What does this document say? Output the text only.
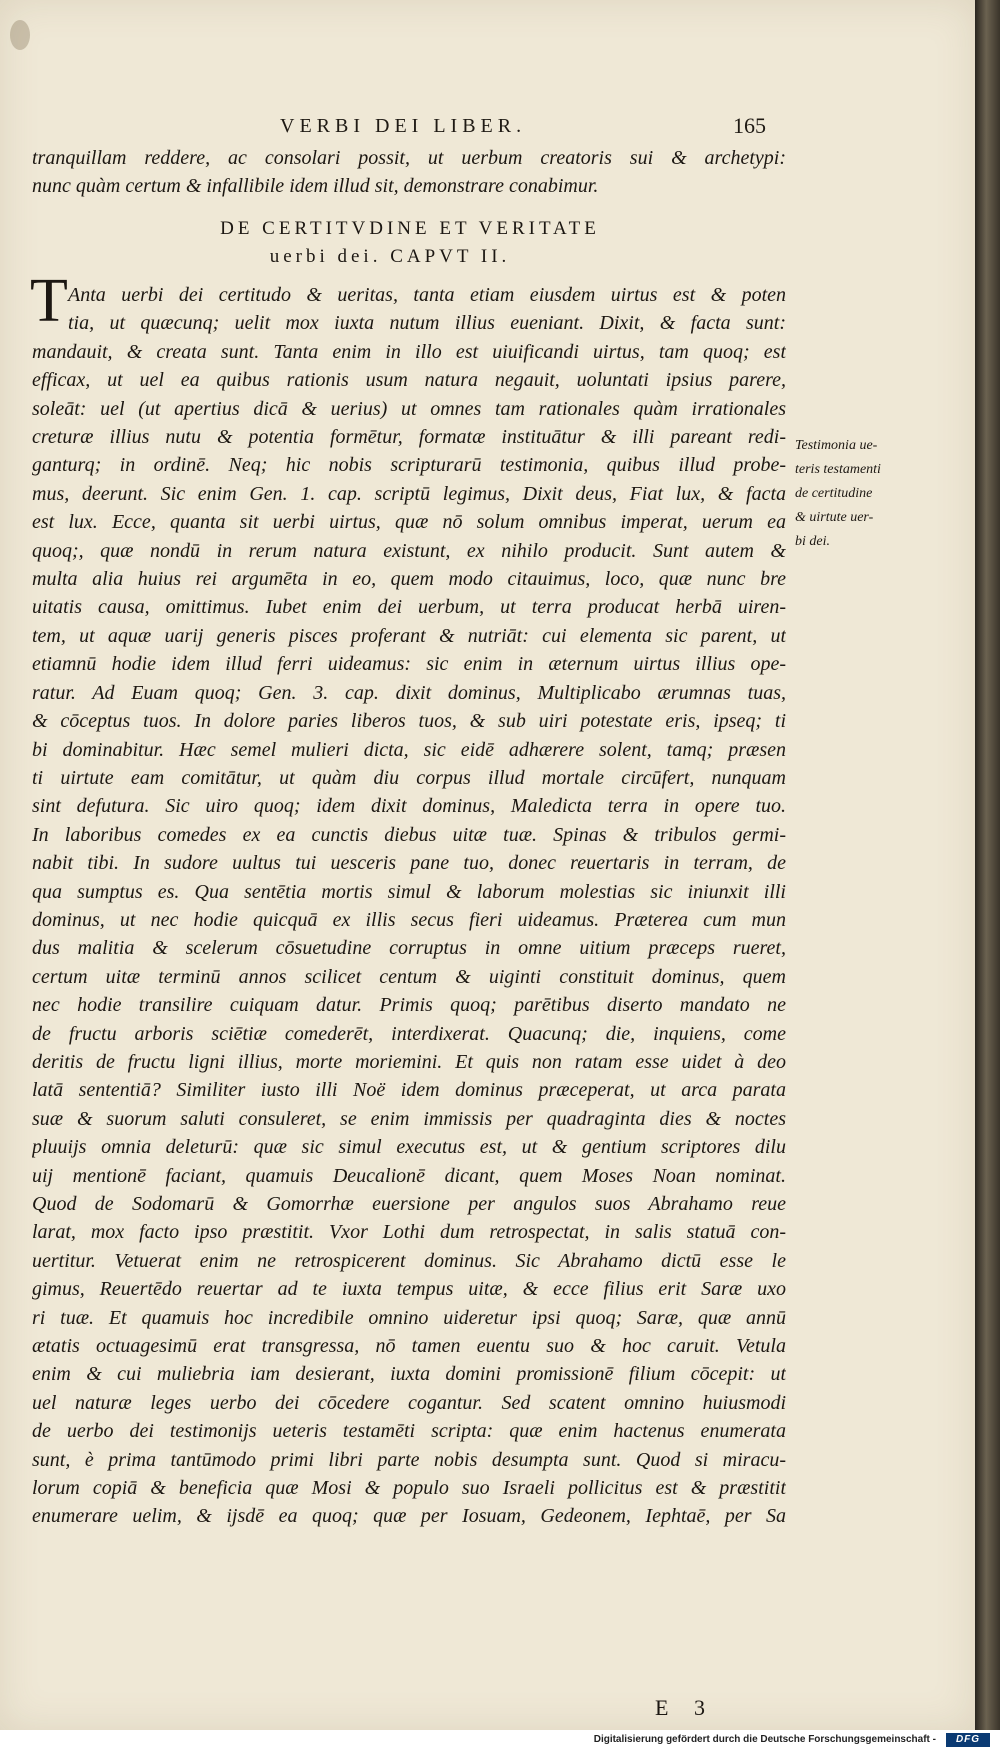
VERBI DEI LIBER.	165
tranquillam reddere, ac consolari possit, ut uerbum creatoris sui & archetypi:
nunc quàm certum & infallibile idem illud sit, demonstrare conabimur.
DE CERTITVDINE ET VERITATE
uerbi dei. CAPVT II.
T Anta uerbi dei certitudo & ueritas, tanta etiam eiusdem uirtus est & poten
tia, ut quæcunq; uelit mox iuxta nutum illius eueniant. Dixit, & facta sunt:
mandauit, & creata sunt. Tanta enim in illo est uiuificandi uirtus, tam quoq; est
efficax, ut uel ea quibus rationis usum natura negauit, uoluntati ipsius parere,
soleāt: uel (ut apertius dicā & uerius) ut omnes tam rationales quàm irrationales
creturæ illius nutu & potentia formētur, formatæ instituātur & illi pareant redi-
ganturq; in ordinē. Neq; hic nobis scripturarū testimonia, quibus illud probe-
mus, deerunt. Sic enim Gen. 1. cap. scriptū legimus, Dixit deus, Fiat lux, & facta
est lux. Ecce, quanta sit uerbi uirtus, quæ nō solum omnibus imperat, uerum ea
quoq;, quæ nondū in rerum natura existunt, ex nihilo producit. Sunt autem &
multa alia huius rei argumēta in eo, quem modo citauimus, loco, quæ nunc bre
uitatis causa, omittimus. Iubet enim dei uerbum, ut terra producat herbā uiren-
tem, ut aquæ uarij generis pisces proferant & nutriāt: cui elementa sic parent, ut
etiamnū hodie idem illud ferri uideamus: sic enim in æternum uirtus illius ope-
ratur. Ad Euam quoq; Gen. 3. cap. dixit dominus, Multiplicabo ærumnas tuas,
& cōceptus tuos. In dolore paries liberos tuos, & sub uiri potestate eris, ipseq; ti
bi dominabitur. Hæc semel mulieri dicta, sic eidē adhærere solent, tamq; præsen
ti uirtute eam comitātur, ut quàm diu corpus illud mortale circūfert, nunquam
sint defutura. Sic uiro quoq; idem dixit dominus, Maledicta terra in opere tuo.
In laboribus comedes ex ea cunctis diebus uitæ tuæ. Spinas & tribulos germi-
nabit tibi. In sudore uultus tui uesceris pane tuo, donec reuertaris in terram, de
qua sumptus es. Qua sentētia mortis simul & laborum molestias sic iniunxit illi
dominus, ut nec hodie quicquā ex illis secus fieri uideamus. Præterea cum mun
dus malitia & scelerum cōsuetudine corruptus in omne uitium præceps rueret,
certum uitæ terminū annos scilicet centum & uiginti constituit dominus, quem
nec hodie transilire cuiquam datur. Primis quoq; parētibus diserto mandato ne
de fructu arboris sciētiæ comederēt, interdixerat. Quacunq; die, inquiens, come
deritis de fructu ligni illius, morte moriemini. Et quis non ratam esse uidet à deo
latā sententiā? Similiter iusto illi Noë idem dominus præceperat, ut arca parata
suæ & suorum saluti consuleret, se enim immissis per quadraginta dies & noctes
pluuijs omnia deleturū: quæ sic simul executus est, ut & gentium scriptores dilu
uij mentionē faciant, quamuis Deucalionē dicant, quem Moses Noan nominat.
Quod de Sodomarū & Gomorrhæ euersione per angulos suos Abrahamo reue
larat, mox facto ipso præstitit. Vxor Lothi dum retrospectat, in salis statuā con-
uertitur. Vetuerat enim ne retrospicerent dominus. Sic Abrahamo dictū esse le
gimus, Reuertēdo reuertar ad te iuxta tempus uitæ, & ecce filius erit Saræ uxo
ri tuæ. Et quamuis hoc incredibile omnino uideretur ipsi quoq; Saræ, quæ annū
ætatis octuagesimū erat transgressa, nō tamen euentu suo & hoc caruit. Vetula
enim & cui muliebria iam desierant, iuxta domini promissionē filium cōcepit: ut
uel naturæ leges uerbo dei cōcedere cogantur. Sed scatent omnino huiusmodi
de uerbo dei testimonijs ueteris testamēti scripta: quæ enim hactenus enumerata
sunt, è prima tantūmodo primi libri parte nobis desumpta sunt. Quod si miracu-
lorum copiā & beneficia quæ Mosi & populo suo Israeli pollicitus est & præstitit
enumerare uelim, & ijsdē ea quoq; quæ per Iosuam, Gedeonem, Iephtaē, per Sa
Testimonia ue-
teris testamenti
de certitudine
& uirtute uer-
bi dei.
E 3
Digitalisierung gefördert durch die Deutsche Forschungsgemeinschaft -	DFG
